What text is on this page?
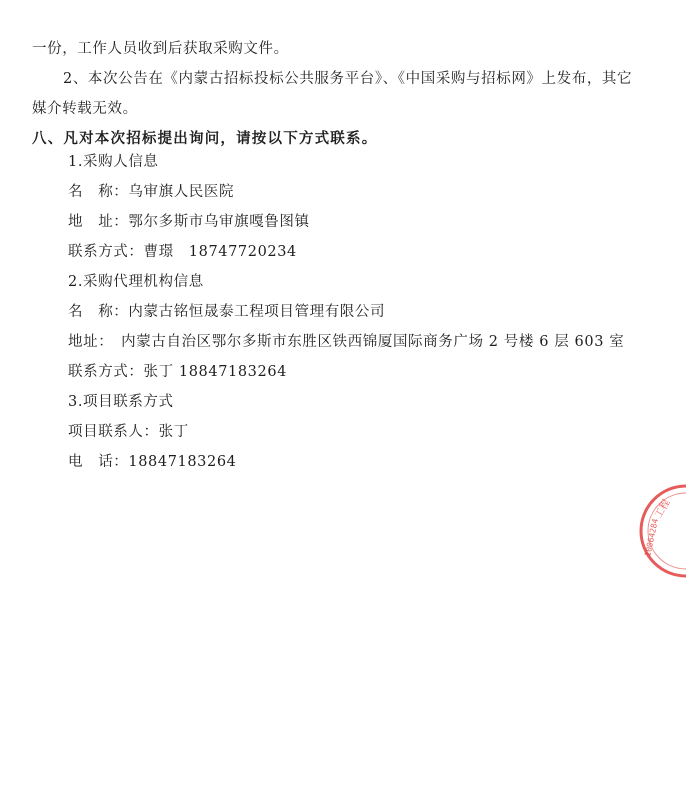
一份，工作人员收到后获取采购文件。
2、本次公告在《内蒙古招标投标公共服务平台》、《中国采购与招标网》上发布，其它
媒介转载无效。
八、凡对本次招标提出询问，请按以下方式联系。
1.采购人信息
名　称：乌审旗人民医院
地　址：鄂尔多斯市乌审旗嘎鲁图镇
联系方式：曹璟　18747720234
2.采购代理机构信息
名　称：内蒙古铭恒晟泰工程项目管理有限公司
地址：　内蒙古自治区鄂尔多斯市东胜区铁西锦厦国际商务广场 2 号楼 6 层 603 室
联系方式：张丁 18847183264
3.项目联系方式
项目联系人：张丁
电　话：18847183264
工程
10064284
